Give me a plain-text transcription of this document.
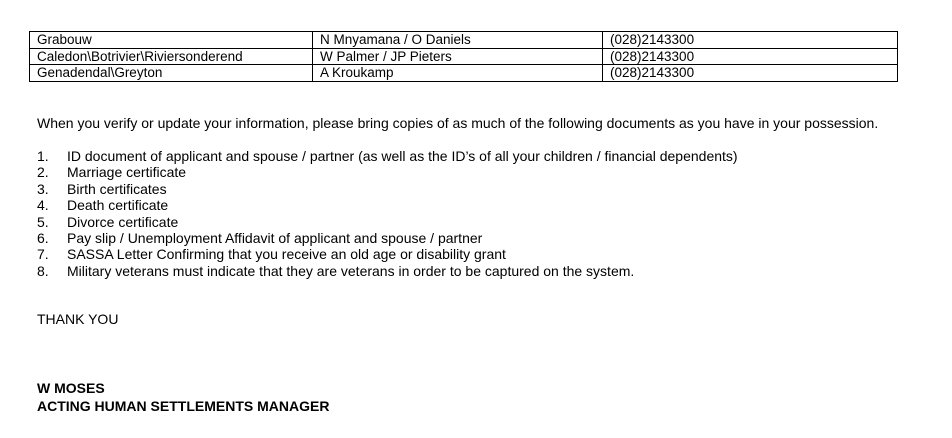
Grabouw	N Mnyamana / O Daniels	(028)2143300
Caledon\Botrivier\Riviersonderend	W Palmer / JP Pieters	(028)2143300
Genadendal\Greyton	A Kroukamp	(028)2143300
When you verify or update your information, please bring copies of as much of the following documents as you have in your possession.
1. ID document of applicant and spouse / partner (as well as the ID’s of all your children / financial dependents)
2. Marriage certificate
3. Birth certificates
4. Death certificate
5. Divorce certificate
6. Pay slip / Unemployment Affidavit of applicant and spouse / partner
7. SASSA Letter Confirming that you receive an old age or disability grant
8. Military veterans must indicate that they are veterans in order to be captured on the system.
THANK YOU
W MOSES
ACTING HUMAN SETTLEMENTS MANAGER
